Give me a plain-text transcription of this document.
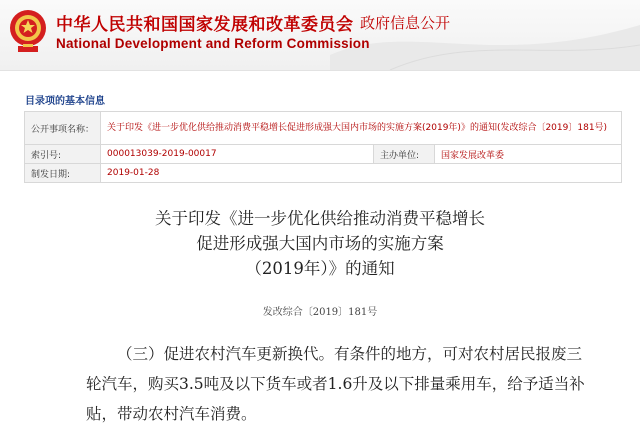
中华人民共和国国家发展和改革委员会
National Development and Reform Commission
政府信息公开
目录项的基本信息
公开事项名称：	关于印发《进一步优化供给推动消费平稳增长促进形成强大国内市场的实施方案(2019年)》的通知(发改综合〔2019〕181号)		

索引号:	000013039-2019-00017	主办单位:	国家发展改革委
制发日期:	2019-01-28		
关于印发《进一步优化供给推动消费平稳增长
促进形成强大国内市场的实施方案
（2019年）》的通知
发改综合〔2019〕181号

（三）促进农村汽车更新换代。有条件的地方，可对农村居民报废三轮汽车，购买3.5吨及以下货车或者1.6升及以下排量乘用车，给予适当补贴，带动农村汽车消费。
